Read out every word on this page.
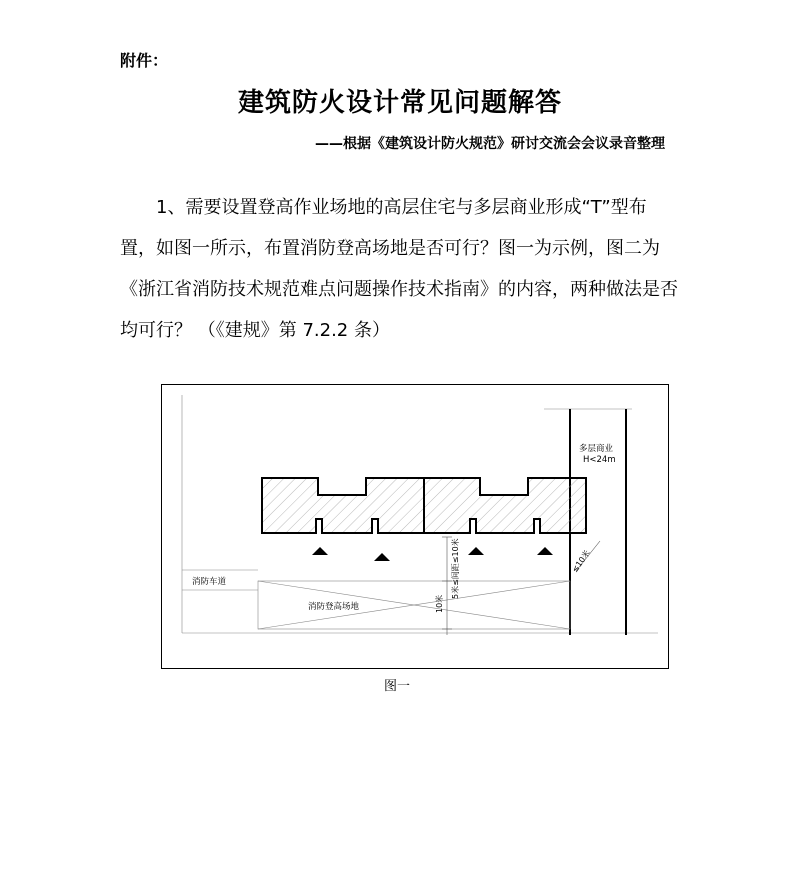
附件：
建筑防火设计常见问题解答
——根据《建筑设计防火规范》研讨交流会会议录音整理

1、需要设置登高作业场地的高层住宅与多层商业形成“T”型布置，如图一所示，布置消防登高场地是否可行？图一为示例，图二为《浙江省消防技术规范难点问题操作技术指南》的内容，两种做法是否均可行？ （《建规》第 7.2.2 条）

多层商业
H<24m
消防车道
消防登高场地
5米≤间距≤10米
10米
≤10米
图一
